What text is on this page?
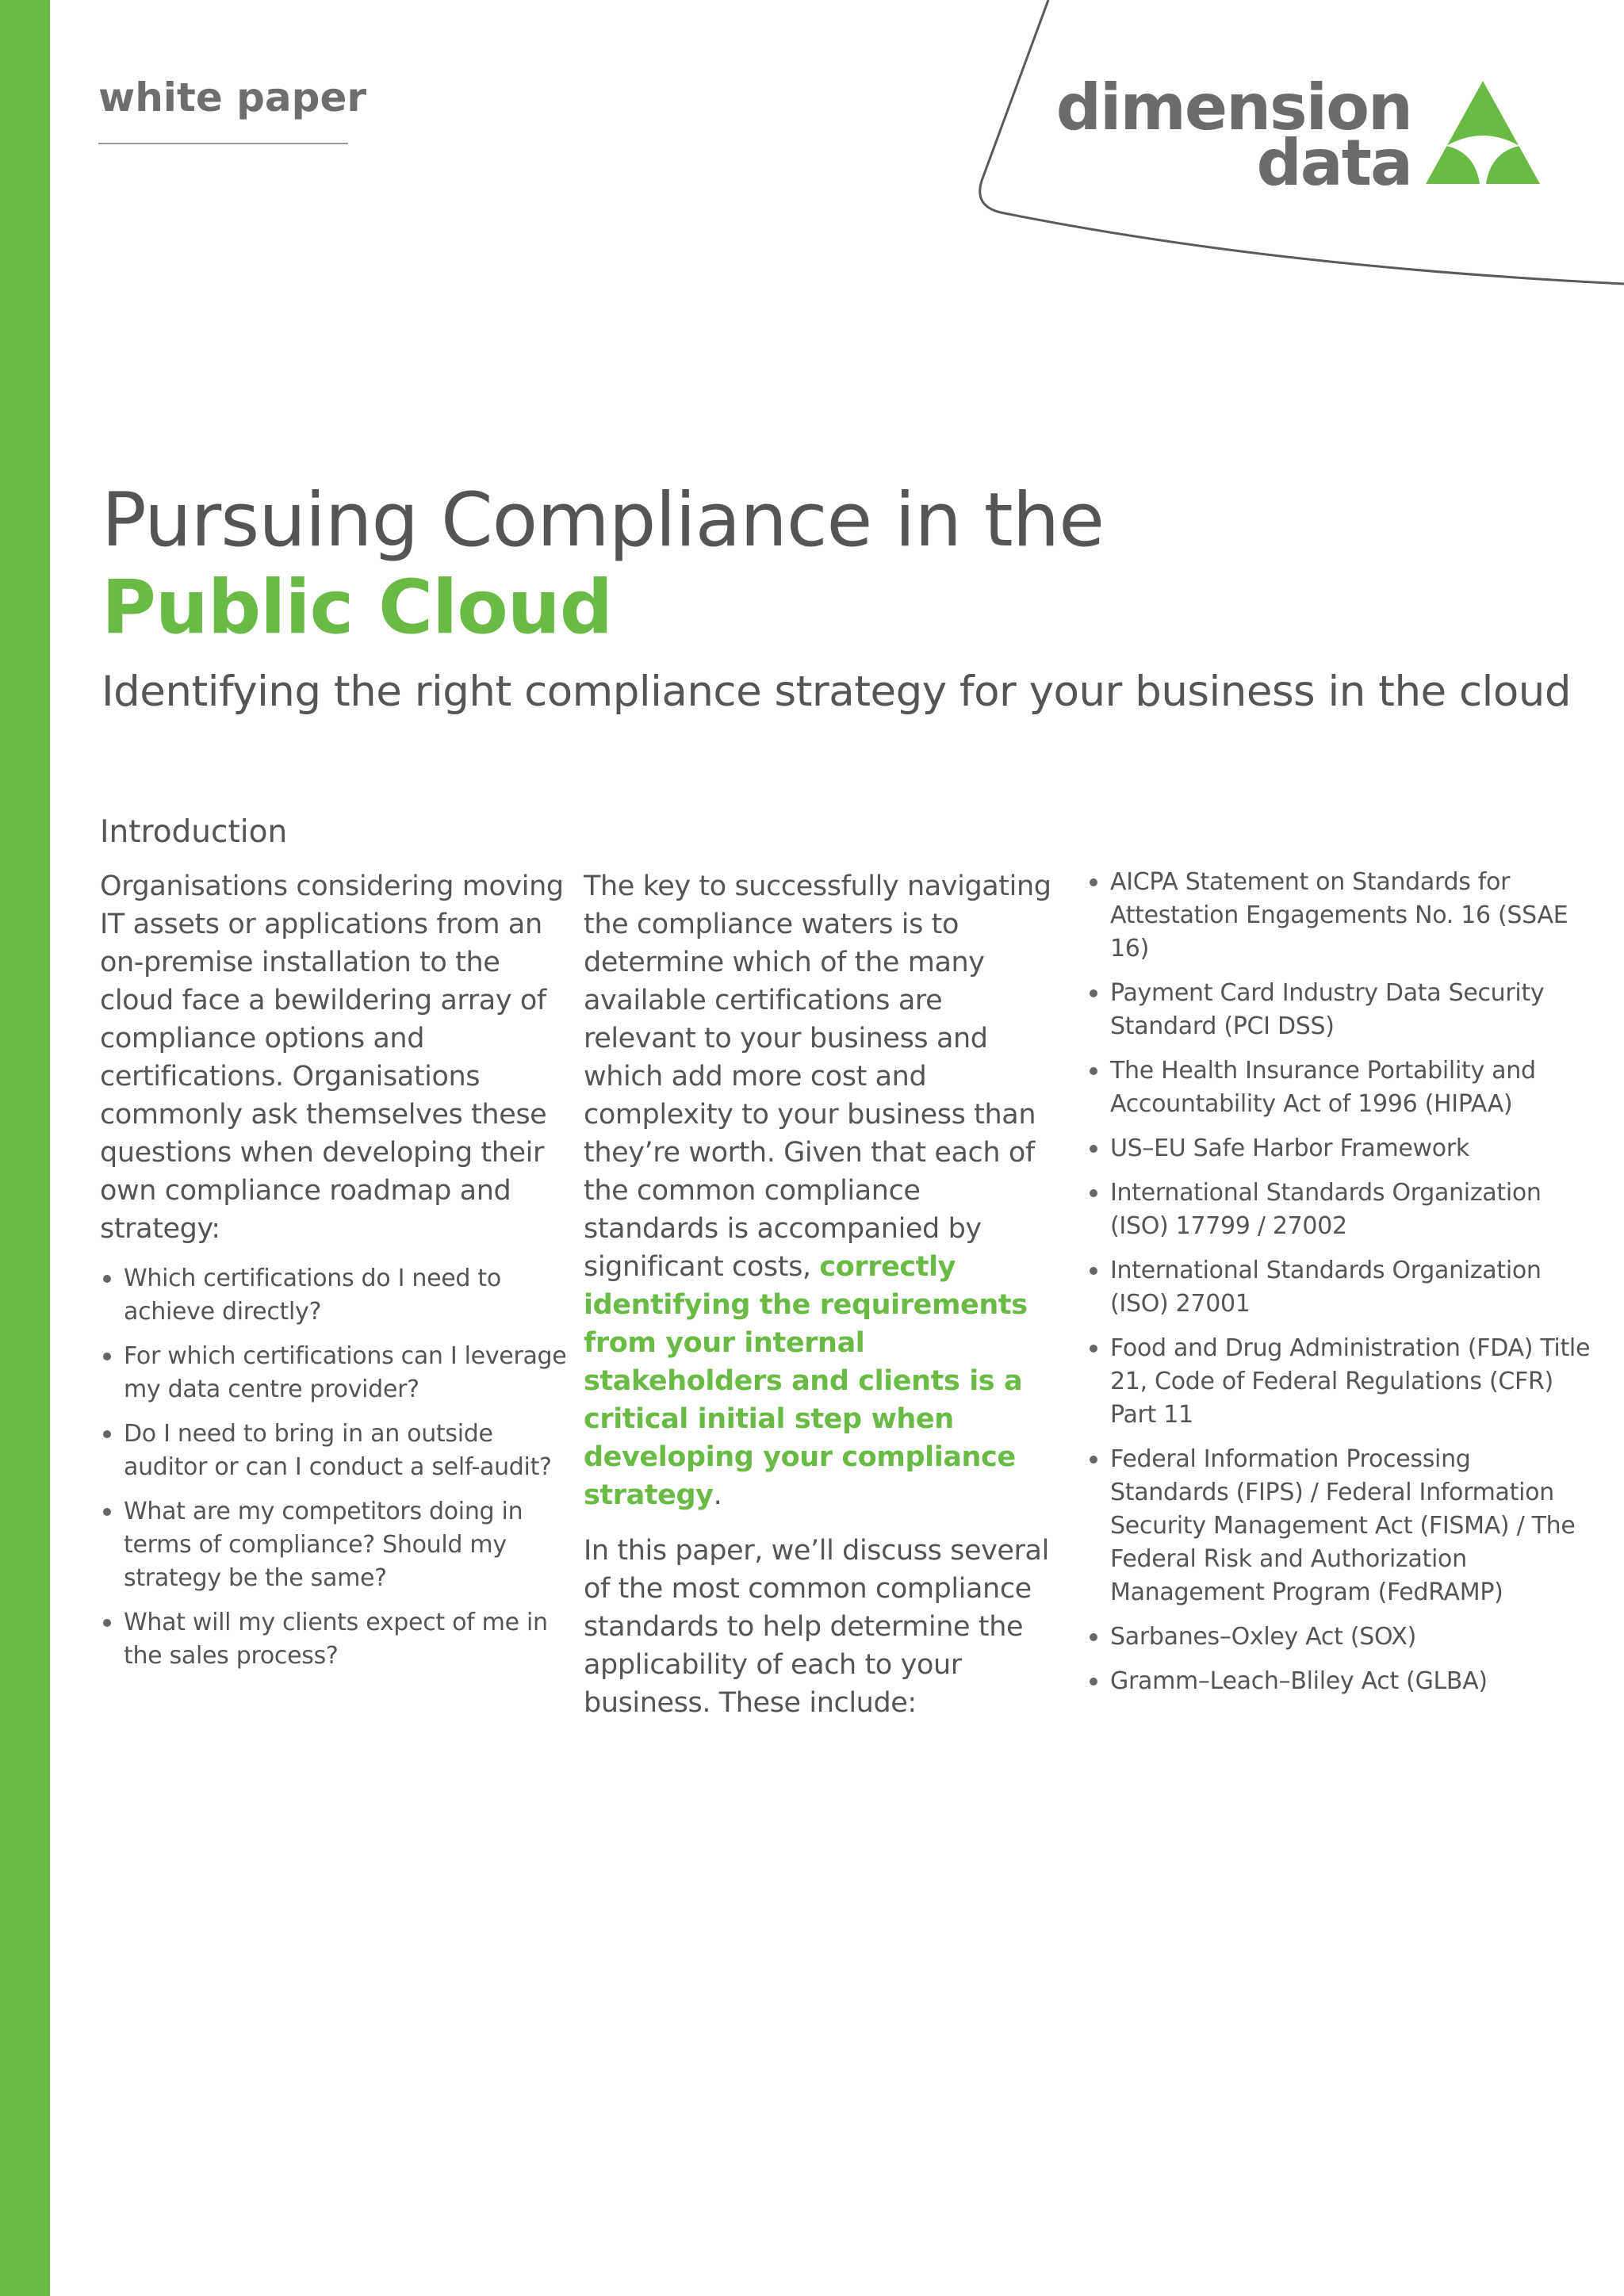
white paper	dimension
data
Pursuing Compliance in the
Public Cloud
Identifying the right compliance strategy for your business in the cloud
Introduction

Organisations considering moving IT assets or applications from an on-premise installation to the cloud face a bewildering array of compliance options and certifications. Organisations commonly ask themselves these questions when developing their own compliance roadmap and strategy:

Which certifications do I need to achieve directly?
For which certifications can I leverage my data centre provider?
Do I need to bring in an outside auditor or can I conduct a self-audit?
What are my competitors doing in terms of compliance? Should my strategy be the same?
What will my clients expect of me in the sales process?

The key to successfully navigating the compliance waters is to determine which of the many available certifications are relevant to your business and which add more cost and complexity to your business than they’re worth. Given that each of the common compliance standards is accompanied by significant costs, correctly identifying the requirements from your internal stakeholders and clients is a critical initial step when developing your compliance strategy.

In this paper, we’ll discuss several of the most common compliance standards to help determine the applicability of each to your business. These include:

AICPA Statement on Standards for Attestation Engagements No. 16 (SSAE 16)
Payment Card Industry Data Security Standard (PCI DSS)
The Health Insurance Portability and Accountability Act of 1996 (HIPAA)
US–EU Safe Harbor Framework
International Standards Organization (ISO) 17799 / 27002
International Standards Organization (ISO) 27001
Food and Drug Administration (FDA) Title 21, Code of Federal Regulations (CFR) Part 11
Federal Information Processing Standards (FIPS) / Federal Information Security Management Act (FISMA) / The Federal Risk and Authorization Management Program (FedRAMP)
Sarbanes–Oxley Act (SOX)
Gramm–Leach–Bliley Act (GLBA)
